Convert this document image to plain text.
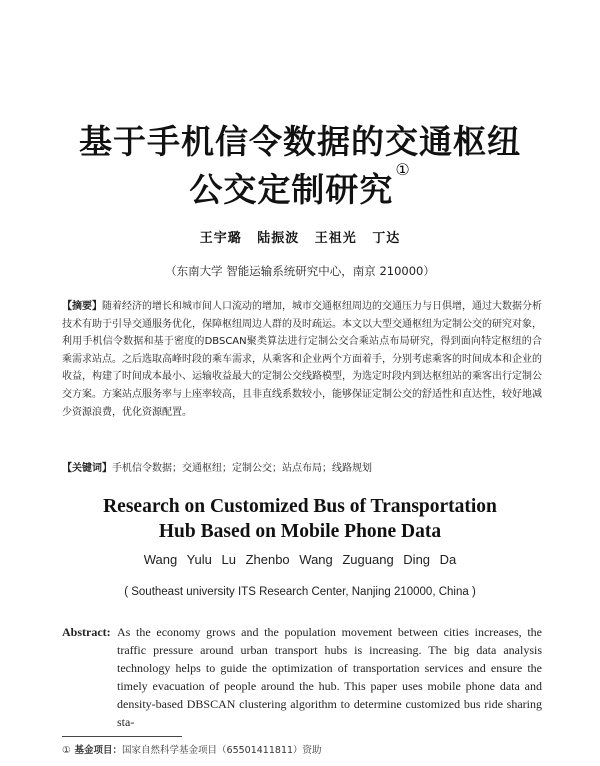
基于手机信令数据的交通枢纽
公交定制研究①
王宇璐 陆振波 王祖光 丁达
（东南大学 智能运输系统研究中心，南京 210000）
【摘要】随着经济的增长和城市间人口流动的增加，城市交通枢纽周边的交通压力与日俱增，通过大数据分析技术有助于引导交通服务优化，保障枢纽周边人群的及时疏运。本文以大型交通枢纽为定制公交的研究对象，利用手机信令数据和基于密度的DBSCAN聚类算法进行定制公交合乘站点布局研究，得到面向特定枢纽的合乘需求站点。之后选取高峰时段的乘车需求，从乘客和企业两个方面着手，分别考虑乘客的时间成本和企业的收益，构建了时间成本最小、运输收益最大的定制公交线路模型，为选定时段内到达枢纽站的乘客出行定制公交方案。方案站点服务率与上座率较高，且非直线系数较小，能够保证定制公交的舒适性和直达性，较好地减少资源浪费，优化资源配置。
【关键词】手机信令数据；交通枢纽；定制公交；站点布局；线路规划
Research on Customized Bus of Transportation
Hub Based on Mobile Phone Data
Wang Yulu Lu Zhenbo Wang Zuguang Ding Da
( Southeast university ITS Research Center, Nanjing 210000, China )
Abstract: As the economy grows and the population movement between cities increases, the traffic pressure around urban transport hubs is increasing. The big data analysis technology helps to guide the optimization of transportation services and ensure the timely evacuation of people around the hub. This paper uses mobile phone data and density-based DBSCAN clustering algorithm to determine customized bus ride sharing sta-
① 基金项目：国家自然科学基金项目（65501411811）资助
